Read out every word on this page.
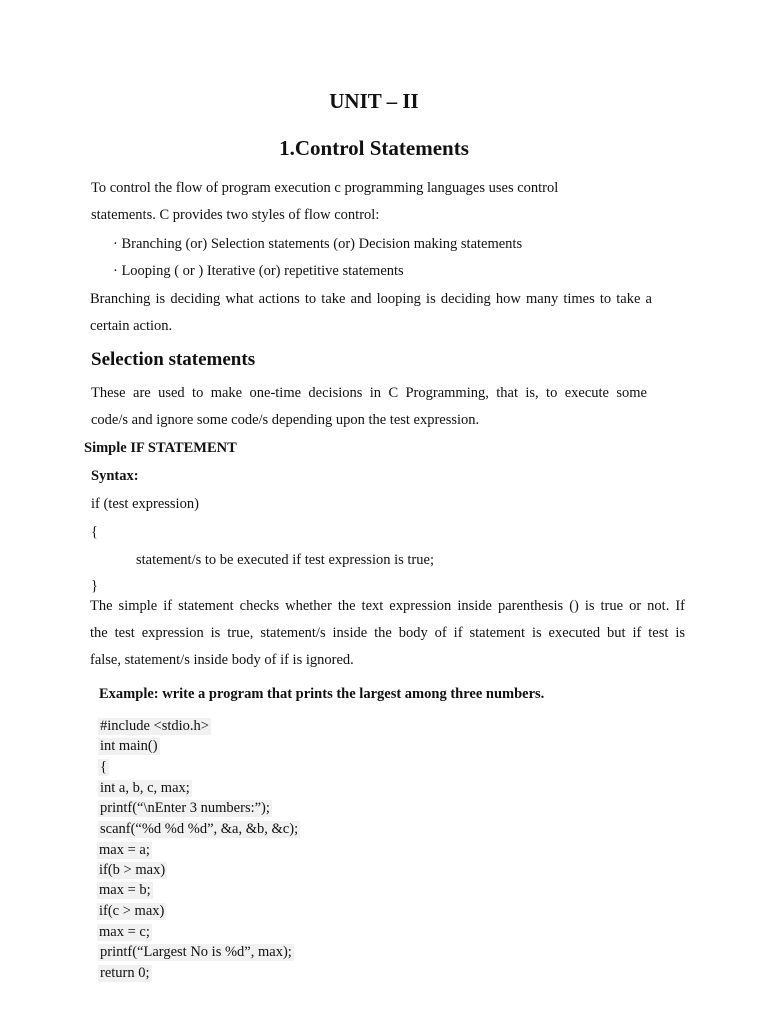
UNIT – II
1.Control Statements
To control the flow of program execution c programming languages uses control
statements. C provides two styles of flow control:
· Branching (or) Selection statements (or) Decision making statements
· Looping ( or ) Iterative (or) repetitive statements
Branching is deciding what actions to take and looping is deciding how many times to take a
certain action.
Selection statements
These are used to make one-time decisions in C Programming, that is, to execute some
code/s and ignore some code/s depending upon the test expression.
Simple IF STATEMENT
Syntax:
if (test expression)
{
statement/s to be executed if test expression is true;
}
The simple if statement checks whether the text expression inside parenthesis () is true or not. If
the test expression is true, statement/s inside the body of if statement is executed but if test is
false, statement/s inside body of if is ignored.
Example: write a program that prints the largest among three numbers.
#include <stdio.h>
int main()
{
int a, b, c, max;
printf(“\nEnter 3 numbers:”);
scanf(“%d %d %d”, &a, &b, &c);
max = a;
if(b > max)
max = b;
if(c > max)
max = c;
printf(“Largest No is %d”, max);
return 0;
